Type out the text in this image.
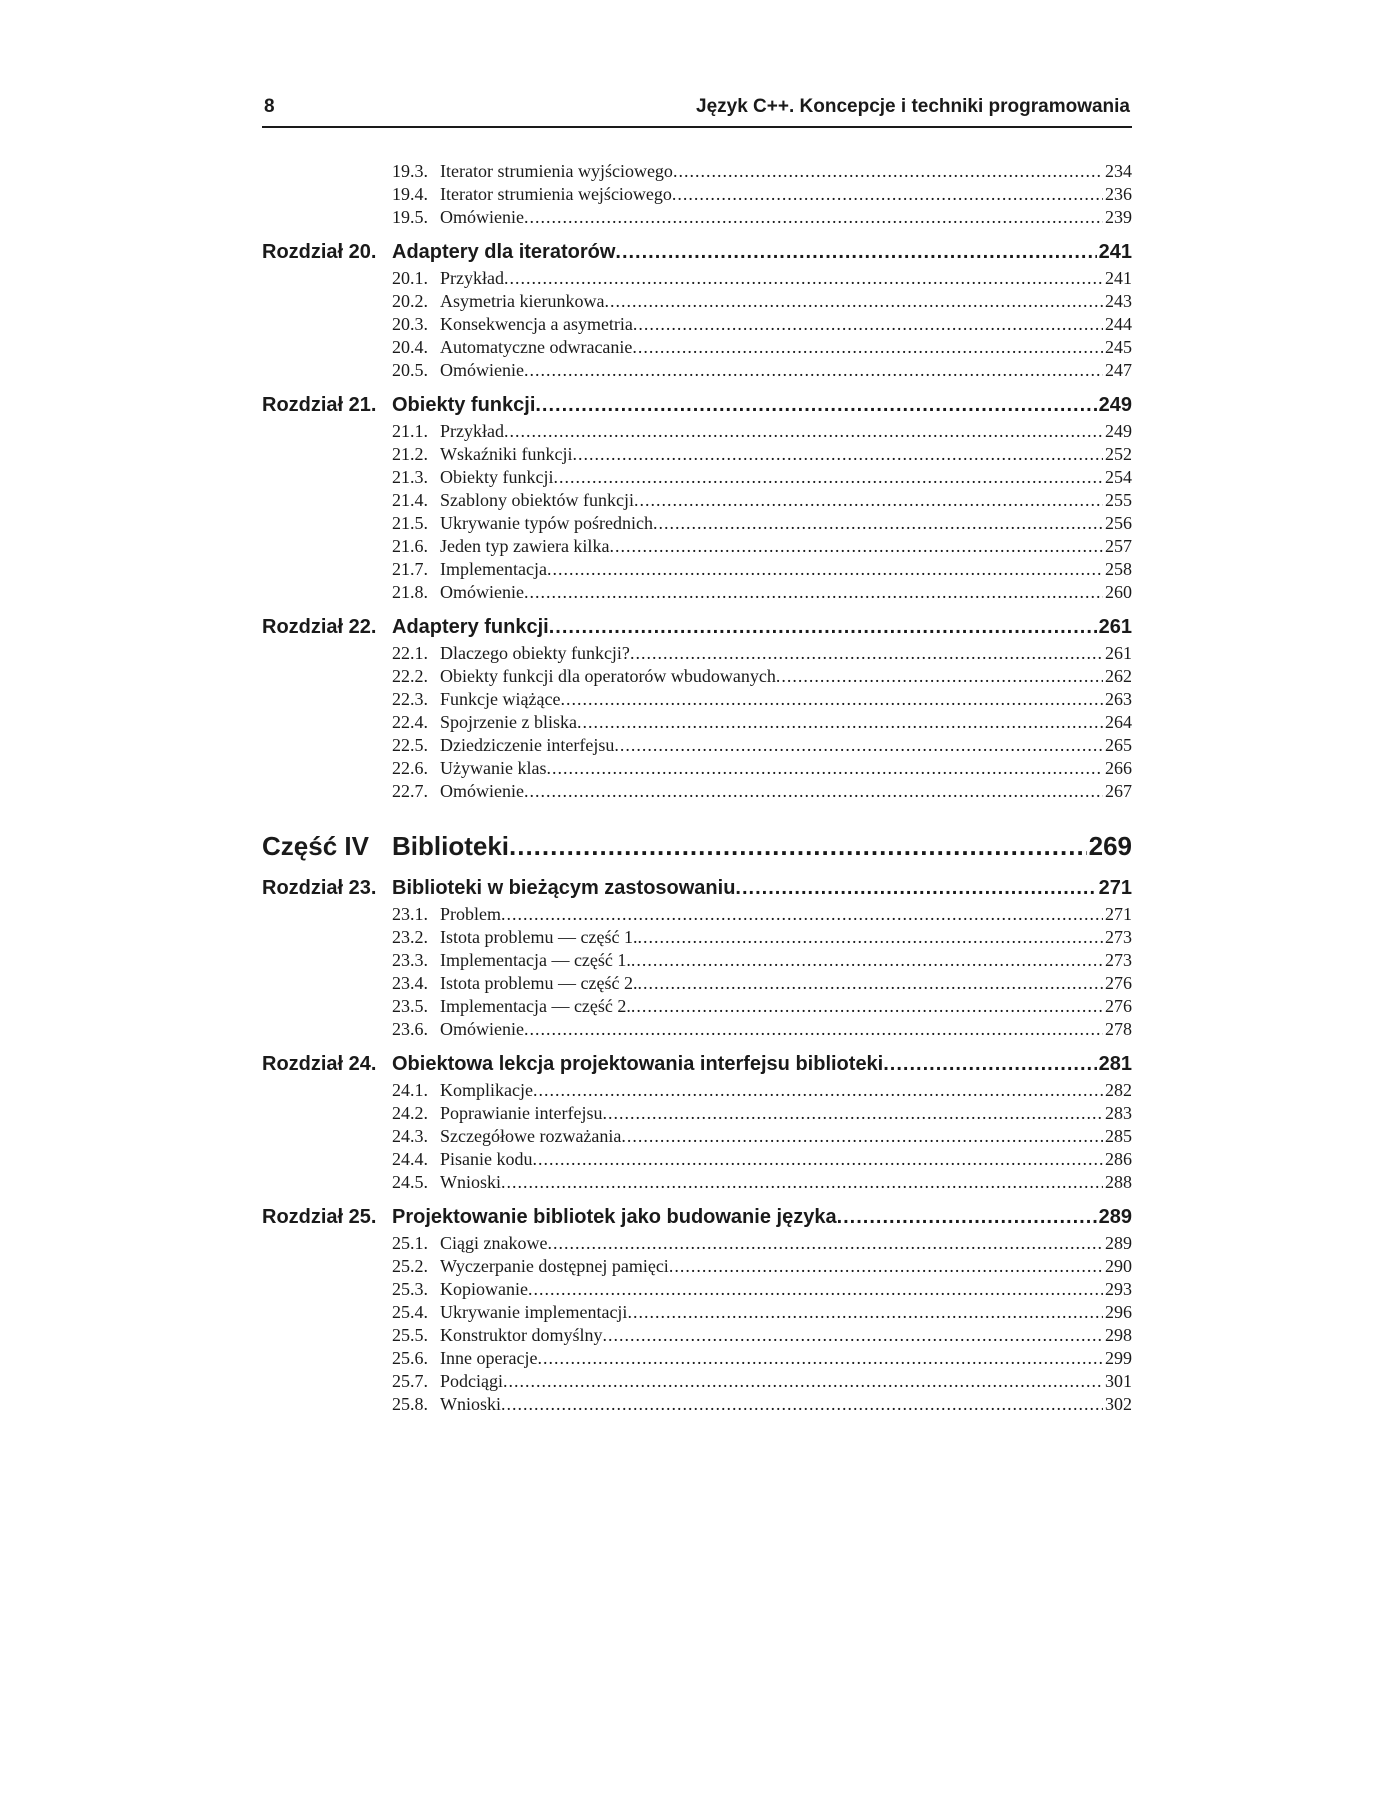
8	Język C++. Koncepcje i techniki programowania
19.3. Iterator strumienia wyjściowego .....	234
19.4. Iterator strumienia wejściowego .....	236
19.5. Omówienie .....	239
Rozdział 20. Adaptery dla iteratorów .....	241
20.1. Przykład .....	241
20.2. Asymetria kierunkowa .....	243
20.3. Konsekwencja a asymetria .....	244
20.4. Automatyczne odwracanie .....	245
20.5. Omówienie .....	247
Rozdział 21. Obiekty funkcji .....	249
21.1. Przykład .....	249
21.2. Wskaźniki funkcji .....	252
21.3. Obiekty funkcji .....	254
21.4. Szablony obiektów funkcji .....	255
21.5. Ukrywanie typów pośrednich .....	256
21.6. Jeden typ zawiera kilka .....	257
21.7. Implementacja .....	258
21.8. Omówienie .....	260
Rozdział 22. Adaptery funkcji .....	261
22.1. Dlaczego obiekty funkcji? .....	261
22.2. Obiekty funkcji dla operatorów wbudowanych .....	262
22.3. Funkcje wiążące .....	263
22.4. Spojrzenie z bliska .....	264
22.5. Dziedziczenie interfejsu .....	265
22.6. Używanie klas .....	266
22.7. Omówienie .....	267
Część IV Biblioteki .....	269
Rozdział 23. Biblioteki w bieżącym zastosowaniu .....	271
23.1. Problem .....	271
23.2. Istota problemu — część 1. .....	273
23.3. Implementacja — część 1. .....	273
23.4. Istota problemu — część 2. .....	276
23.5. Implementacja — część 2. .....	276
23.6. Omówienie .....	278
Rozdział 24. Obiektowa lekcja projektowania interfejsu biblioteki .....	281
24.1. Komplikacje .....	282
24.2. Poprawianie interfejsu .....	283
24.3. Szczegółowe rozważania .....	285
24.4. Pisanie kodu .....	286
24.5. Wnioski .....	288
Rozdział 25. Projektowanie bibliotek jako budowanie języka .....	289
25.1. Ciągi znakowe .....	289
25.2. Wyczerpanie dostępnej pamięci .....	290
25.3. Kopiowanie .....	293
25.4. Ukrywanie implementacji .....	296
25.5. Konstruktor domyślny .....	298
25.6. Inne operacje .....	299
25.7. Podciągi .....	301
25.8. Wnioski .....	302
